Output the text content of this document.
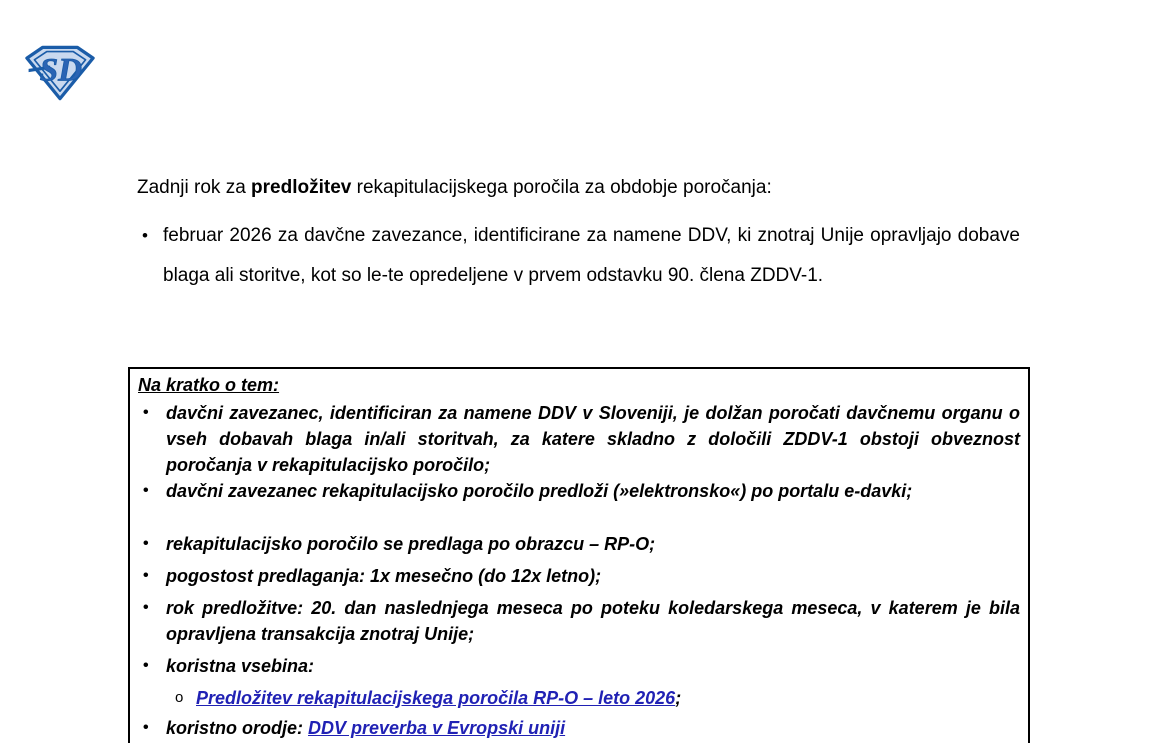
SD
Zadnji rok za predložitev rekapitulacijskega poročila za obdobje poročanja:
• februar 2026 za davčne zavezance, identificirane za namene DDV, ki znotraj Unije opravljajo dobave blaga ali storitve, kot so le-te opredeljene v prvem odstavku 90. člena ZDDV-1.

Na kratko o tem:

• davčni zavezanec, identificiran za namene DDV v Sloveniji, je dolžan poročati davčnemu organu o vseh dobavah blaga in/ali storitvah, za katere skladno z določili ZDDV-1 obstoji obveznost poročanja v rekapitulacijsko poročilo;
• davčni zavezanec rekapitulacijsko poročilo predloži (»elektronsko«) po portalu e-davki;
• rekapitulacijsko poročilo se predlaga po obrazcu – RP-O;
• pogostost predlaganja: 1x mesečno (do 12x letno);
• rok predložitve: 20. dan naslednjega meseca po poteku koledarskega meseca, v katerem je bila opravljena transakcija znotraj Unije;
• koristna vsebina:
o Predložitev rekapitulacijskega poročila RP-O – leto 2026;
• koristno orodje: DDV preverba v Evropski uniji
